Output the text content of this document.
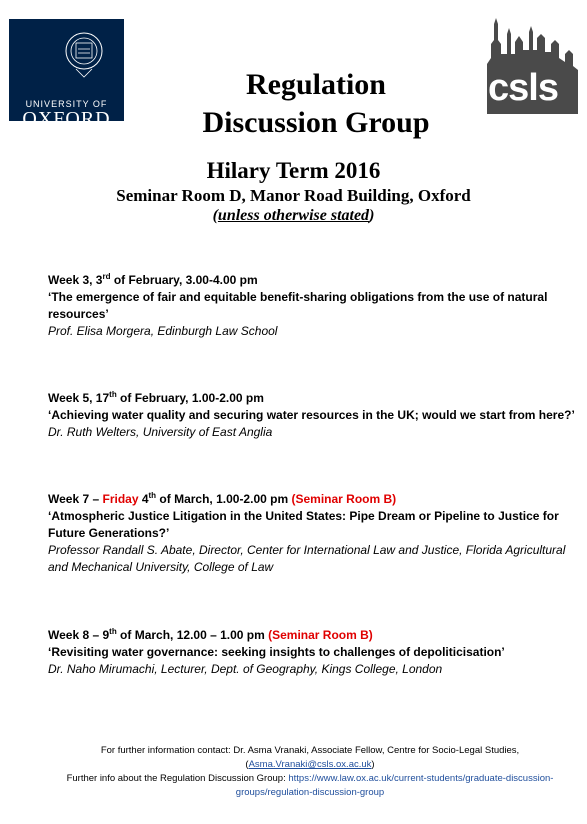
UNIVERSITY OF
OXFORD
csls
Regulation
Discussion Group
Hilary Term 2016
Seminar Room D, Manor Road Building, Oxford
(unless otherwise stated)
Week 3, 3rd of February, 3.00-4.00 pm
‘The emergence of fair and equitable benefit-sharing obligations from the use of natural resources’
Prof. Elisa Morgera, Edinburgh Law School
Week 5, 17th of February, 1.00-2.00 pm
‘Achieving water quality and securing water resources in the UK; would we start from here?’
Dr. Ruth Welters, University of East Anglia
Week 7 – Friday 4th of March, 1.00-2.00 pm (Seminar Room B)
‘Atmospheric Justice Litigation in the United States: Pipe Dream or Pipeline to Justice for Future Generations?’
Professor Randall S. Abate, Director, Center for International Law and Justice, Florida Agricultural and Mechanical University, College of Law
Week 8 – 9th of March, 12.00 – 1.00 pm (Seminar Room B)
‘Revisiting water governance: seeking insights to challenges of depoliticisation’
Dr. Naho Mirumachi, Lecturer, Dept. of Geography, Kings College, London
For further information contact: Dr. Asma Vranaki, Associate Fellow, Centre for Socio-Legal Studies,
(Asma.Vranaki@csls.ox.ac.uk)
Further info about the Regulation Discussion Group: https://www.law.ox.ac.uk/current-students/graduate-discussion-groups/regulation-discussion-group
